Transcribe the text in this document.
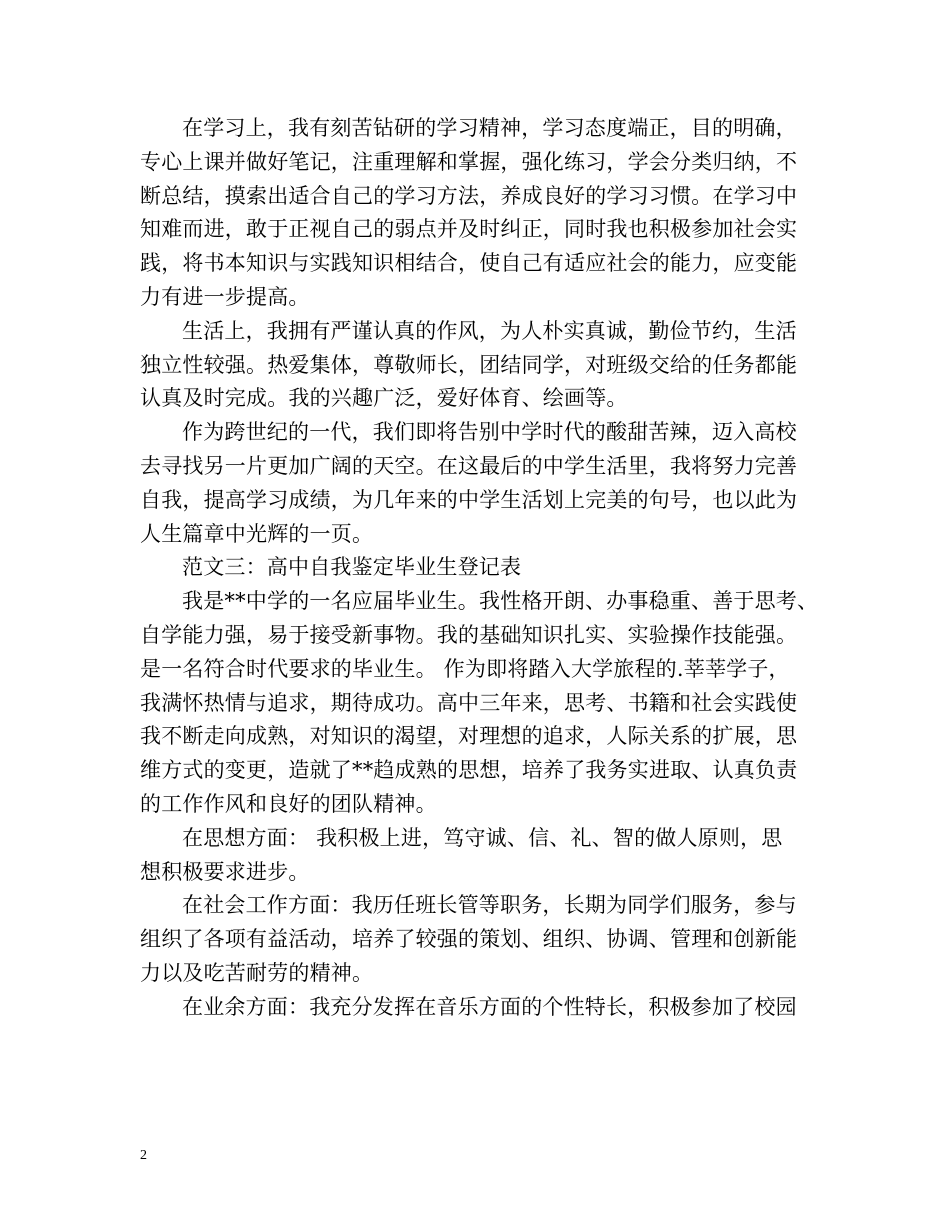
在学习上，我有刻苦钻研的学习精神，学习态度端正，目的明确，
专心上课并做好笔记，注重理解和掌握，强化练习，学会分类归纳，不
断总结，摸索出适合自己的学习方法，养成良好的学习习惯。在学习中
知难而进，敢于正视自己的弱点并及时纠正，同时我也积极参加社会实
践，将书本知识与实践知识相结合，使自己有适应社会的能力，应变能
力有进一步提高。
生活上，我拥有严谨认真的作风，为人朴实真诚，勤俭节约，生活
独立性较强。热爱集体，尊敬师长，团结同学，对班级交给的任务都能
认真及时完成。我的兴趣广泛，爱好体育、绘画等。
作为跨世纪的一代，我们即将告别中学时代的酸甜苦辣，迈入高校
去寻找另一片更加广阔的天空。在这最后的中学生活里，我将努力完善
自我，提高学习成绩，为几年来的中学生活划上完美的句号，也以此为
人生篇章中光辉的一页。
范文三：高中自我鉴定毕业生登记表
我是**中学的一名应届毕业生。我性格开朗、办事稳重、善于思考、
自学能力强，易于接受新事物。我的基础知识扎实、实验操作技能强。
是一名符合时代要求的毕业生。 作为即将踏入大学旅程的.莘莘学子，
我满怀热情与追求，期待成功。高中三年来，思考、书籍和社会实践使
我不断走向成熟，对知识的渴望，对理想的追求，人际关系的扩展，思
维方式的变更，造就了**趋成熟的思想，培养了我务实进取、认真负责
的工作作风和良好的团队精神。
在思想方面： 我积极上进，笃守诚、信、礼、智的做人原则，思
想积极要求进步。
在社会工作方面：我历任班长管等职务，长期为同学们服务，参与
组织了各项有益活动，培养了较强的策划、组织、协调、管理和创新能
力以及吃苦耐劳的精神。
在业余方面：我充分发挥在音乐方面的个性特长，积极参加了校园
2
